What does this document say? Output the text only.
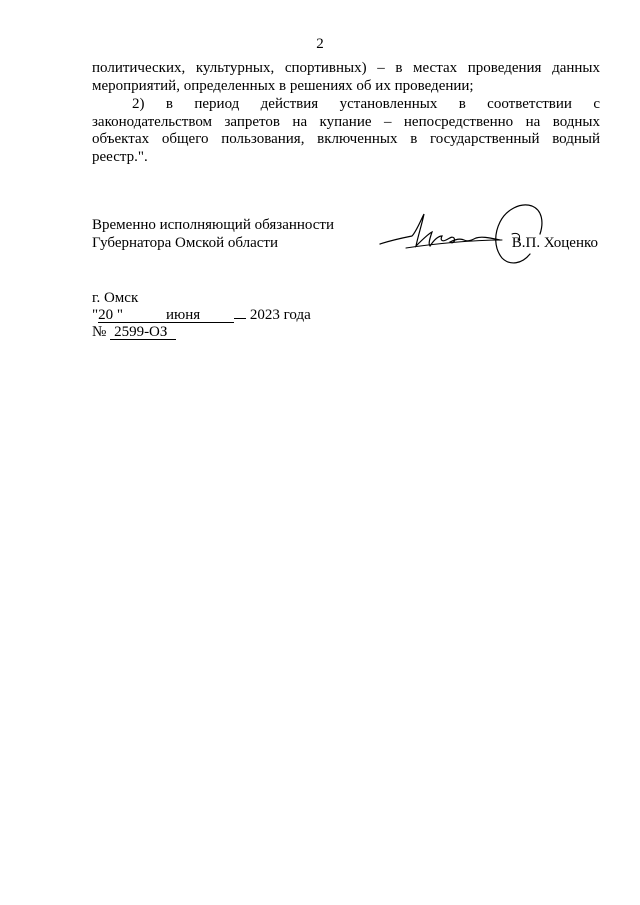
2

политических, культурных, спортивных) – в местах проведения данных мероприятий, определенных в решениях об их проведении;

2) в период действия установленных в соответствии с законодательством запретов на купание – непосредственно на водных объектах общего пользования, включенных в государственный водный реестр.".

Временно исполняющий обязанности
Губернатора Омской области	В.П. Хоценко
г. Омск
"20 "	июня	2023 года
№ 2599-ОЗ
